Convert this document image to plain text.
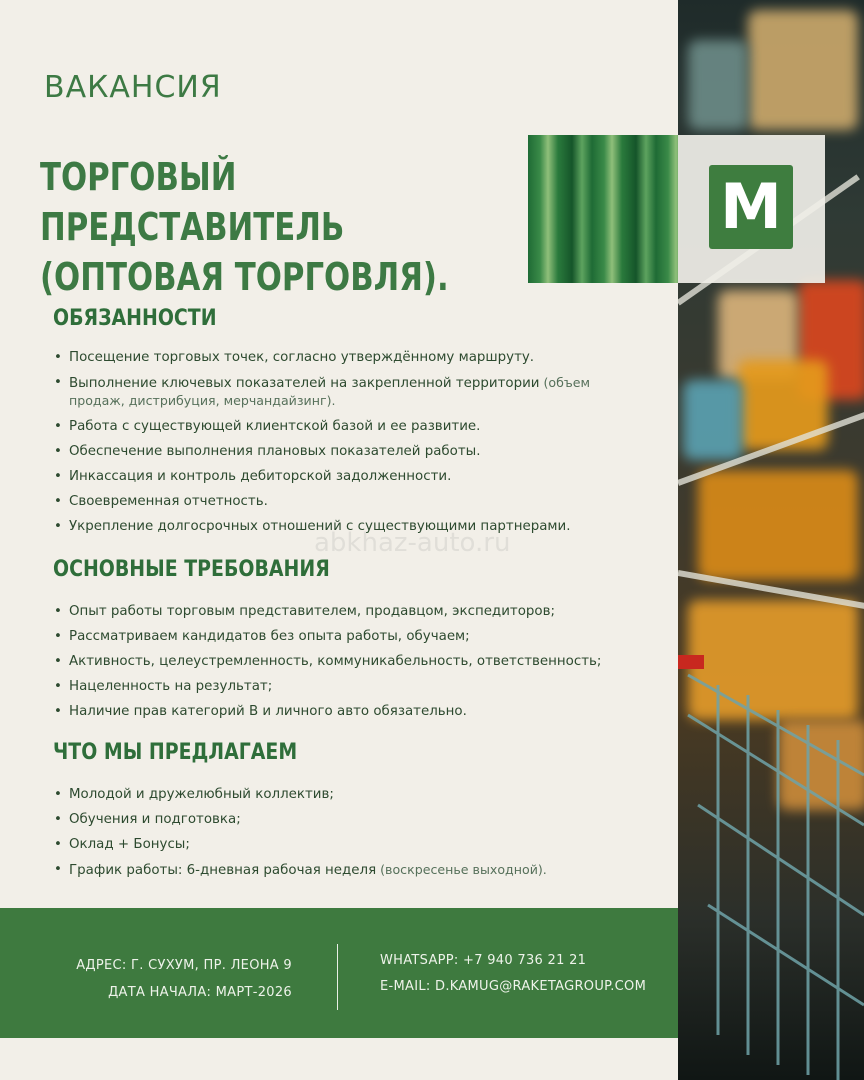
M
ВАКАНСИЯ
ТОРГОВЫЙ ПРЕДСТАВИТЕЛЬ
(ОПТОВАЯ ТОРГОВЛЯ).
ОБЯЗАННОСТИ
• Посещение торговых точек, согласно утверждённому маршруту.
• Выполнение ключевых показателей на закрепленной территории (объем продаж, дистрибуция, мерчандайзинг).
• Работа с существующей клиентской базой и ее развитие.
• Обеспечение выполнения плановых показателей работы.
• Инкассация и контроль дебиторской задолженности.
• Своевременная отчетность.
• Укрепление долгосрочных отношений с существующими партнерами.
abkhaz-auto.ru
ОСНОВНЫЕ ТРЕБОВАНИЯ
• Опыт работы торговым представителем, продавцом, экспедиторов;
• Рассматриваем кандидатов без опыта работы, обучаем;
• Активность, целеустремленность, коммуникабельность, ответственность;
• Нацеленность на результат;
• Наличие прав категорий В и личного авто обязательно.
ЧТО МЫ ПРЕДЛАГАЕМ
• Молодой и дружелюбный коллектив;
• Обучения и подготовка;
• Оклад + Бонусы;
• График работы: 6-дневная рабочая неделя (воскресенье выходной).
АДРЕС: Г. СУХУМ, ПР. ЛЕОНА 9
ДАТА НАЧАЛА: МАРТ-2026
WHATSAPP: +7 940 736 21 21
E-MAIL: D.KAMUG@RAKETAGROUP.COM
